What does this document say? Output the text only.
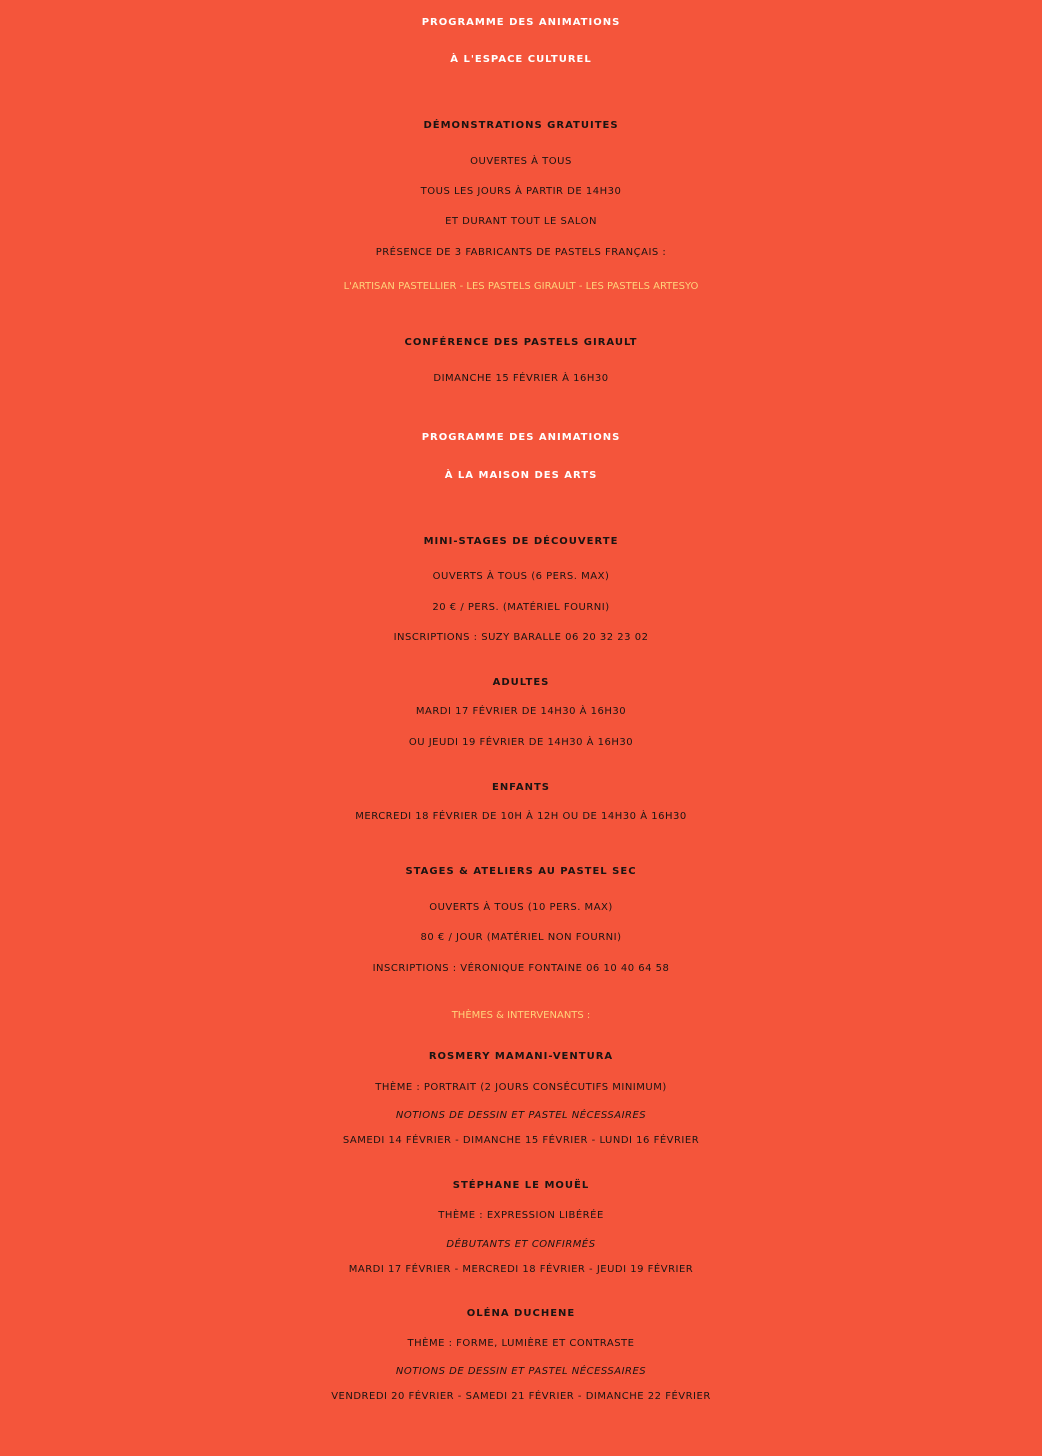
PROGRAMME DES ANIMATIONS
À L'ESPACE CULTUREL
DÉMONSTRATIONS GRATUITES
OUVERTES À TOUS
TOUS LES JOURS À PARTIR DE 14H30
ET DURANT TOUT LE SALON
PRÉSENCE DE 3 FABRICANTS DE PASTELS FRANÇAIS :
L'ARTISAN PASTELLIER - LES PASTELS GIRAULT - LES PASTELS ARTESYO
CONFÉRENCE DES PASTELS GIRAULT
DIMANCHE 15 FÉVRIER À 16H30
PROGRAMME DES ANIMATIONS
À LA MAISON DES ARTS
MINI-STAGES DE DÉCOUVERTE
OUVERTS À TOUS (6 PERS. MAX)
20 € / PERS. (MATÉRIEL FOURNI)
INSCRIPTIONS : SUZY BARALLE 06 20 32 23 02
ADULTES
MARDI 17 FÉVRIER DE 14H30 À 16H30
OU JEUDI 19 FÉVRIER DE 14H30 À 16H30
ENFANTS
MERCREDI 18 FÉVRIER DE 10H À 12H OU DE 14H30 À 16H30
STAGES & ATELIERS AU PASTEL SEC
OUVERTS À TOUS (10 PERS. MAX)
80 € / JOUR (MATÉRIEL NON FOURNI)
INSCRIPTIONS : VÉRONIQUE FONTAINE 06 10 40 64 58
THÈMES & INTERVENANTS :
ROSMERY MAMANI-VENTURA
THÈME : PORTRAIT (2 JOURS CONSÉCUTIFS MINIMUM)
NOTIONS DE DESSIN ET PASTEL NÉCESSAIRES
SAMEDI 14 FÉVRIER - DIMANCHE 15 FÉVRIER - LUNDI 16 FÉVRIER
STÉPHANE LE MOUËL
THÈME : EXPRESSION LIBÉRÉE
DÉBUTANTS ET CONFIRMÉS
MARDI 17 FÉVRIER - MERCREDI 18 FÉVRIER - JEUDI 19 FÉVRIER
OLÉNA DUCHENE
THÈME : FORME, LUMIÈRE ET CONTRASTE
NOTIONS DE DESSIN ET PASTEL NÉCESSAIRES
VENDREDI 20 FÉVRIER - SAMEDI 21 FÉVRIER - DIMANCHE 22 FÉVRIER
